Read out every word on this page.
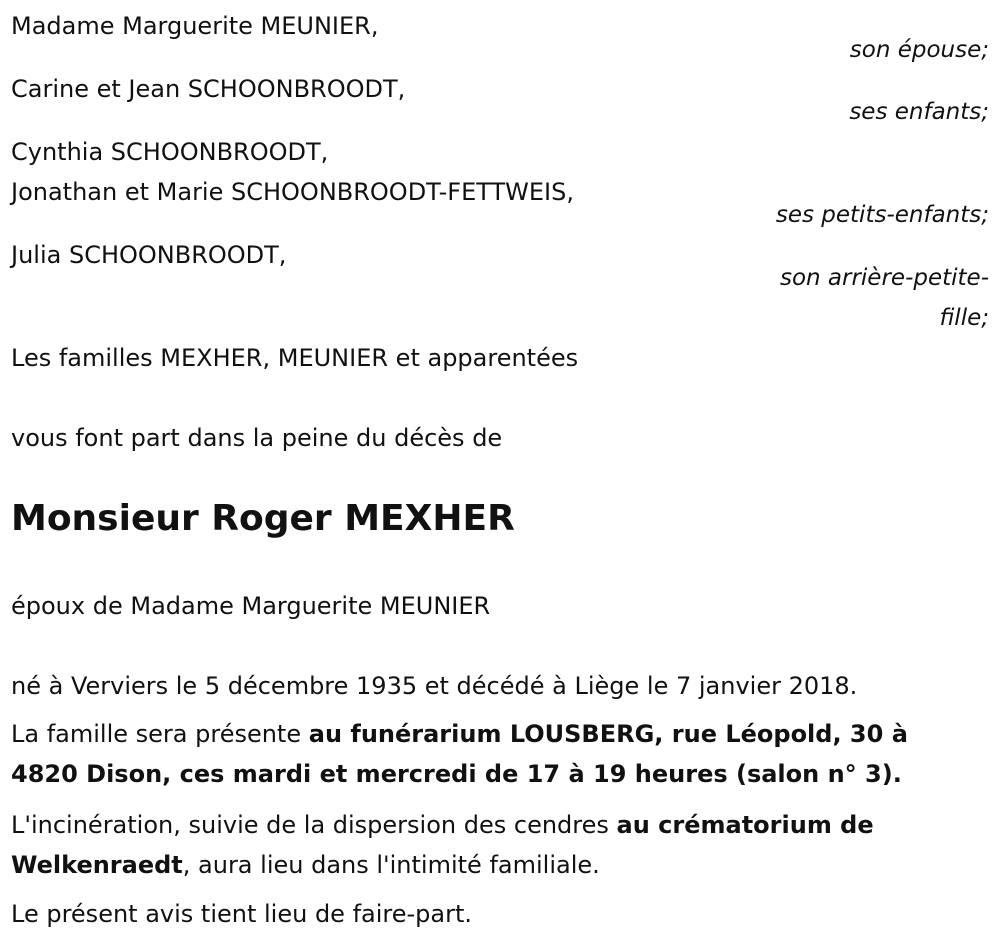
Madame Marguerite MEUNIER,
son épouse;
Carine et Jean SCHOONBROODT,
ses enfants;
Cynthia SCHOONBROODT,
Jonathan et Marie SCHOONBROODT-FETTWEIS,
ses petits-enfants;
Julia SCHOONBROODT,
son arrière-petite-
fille;
Les familles MEXHER, MEUNIER et apparentées
vous font part dans la peine du décès de
Monsieur Roger MEXHER
époux de Madame Marguerite MEUNIER
né à Verviers le 5 décembre 1935 et décédé à Liège le 7 janvier 2018.
La famille sera présente au funérarium LOUSBERG, rue Léopold, 30 à 4820 Dison, ces mardi et mercredi de 17 à 19 heures (salon n° 3).
L'incinération, suivie de la dispersion des cendres au crématorium de Welkenraedt, aura lieu dans l'intimité familiale.
Le présent avis tient lieu de faire-part.
